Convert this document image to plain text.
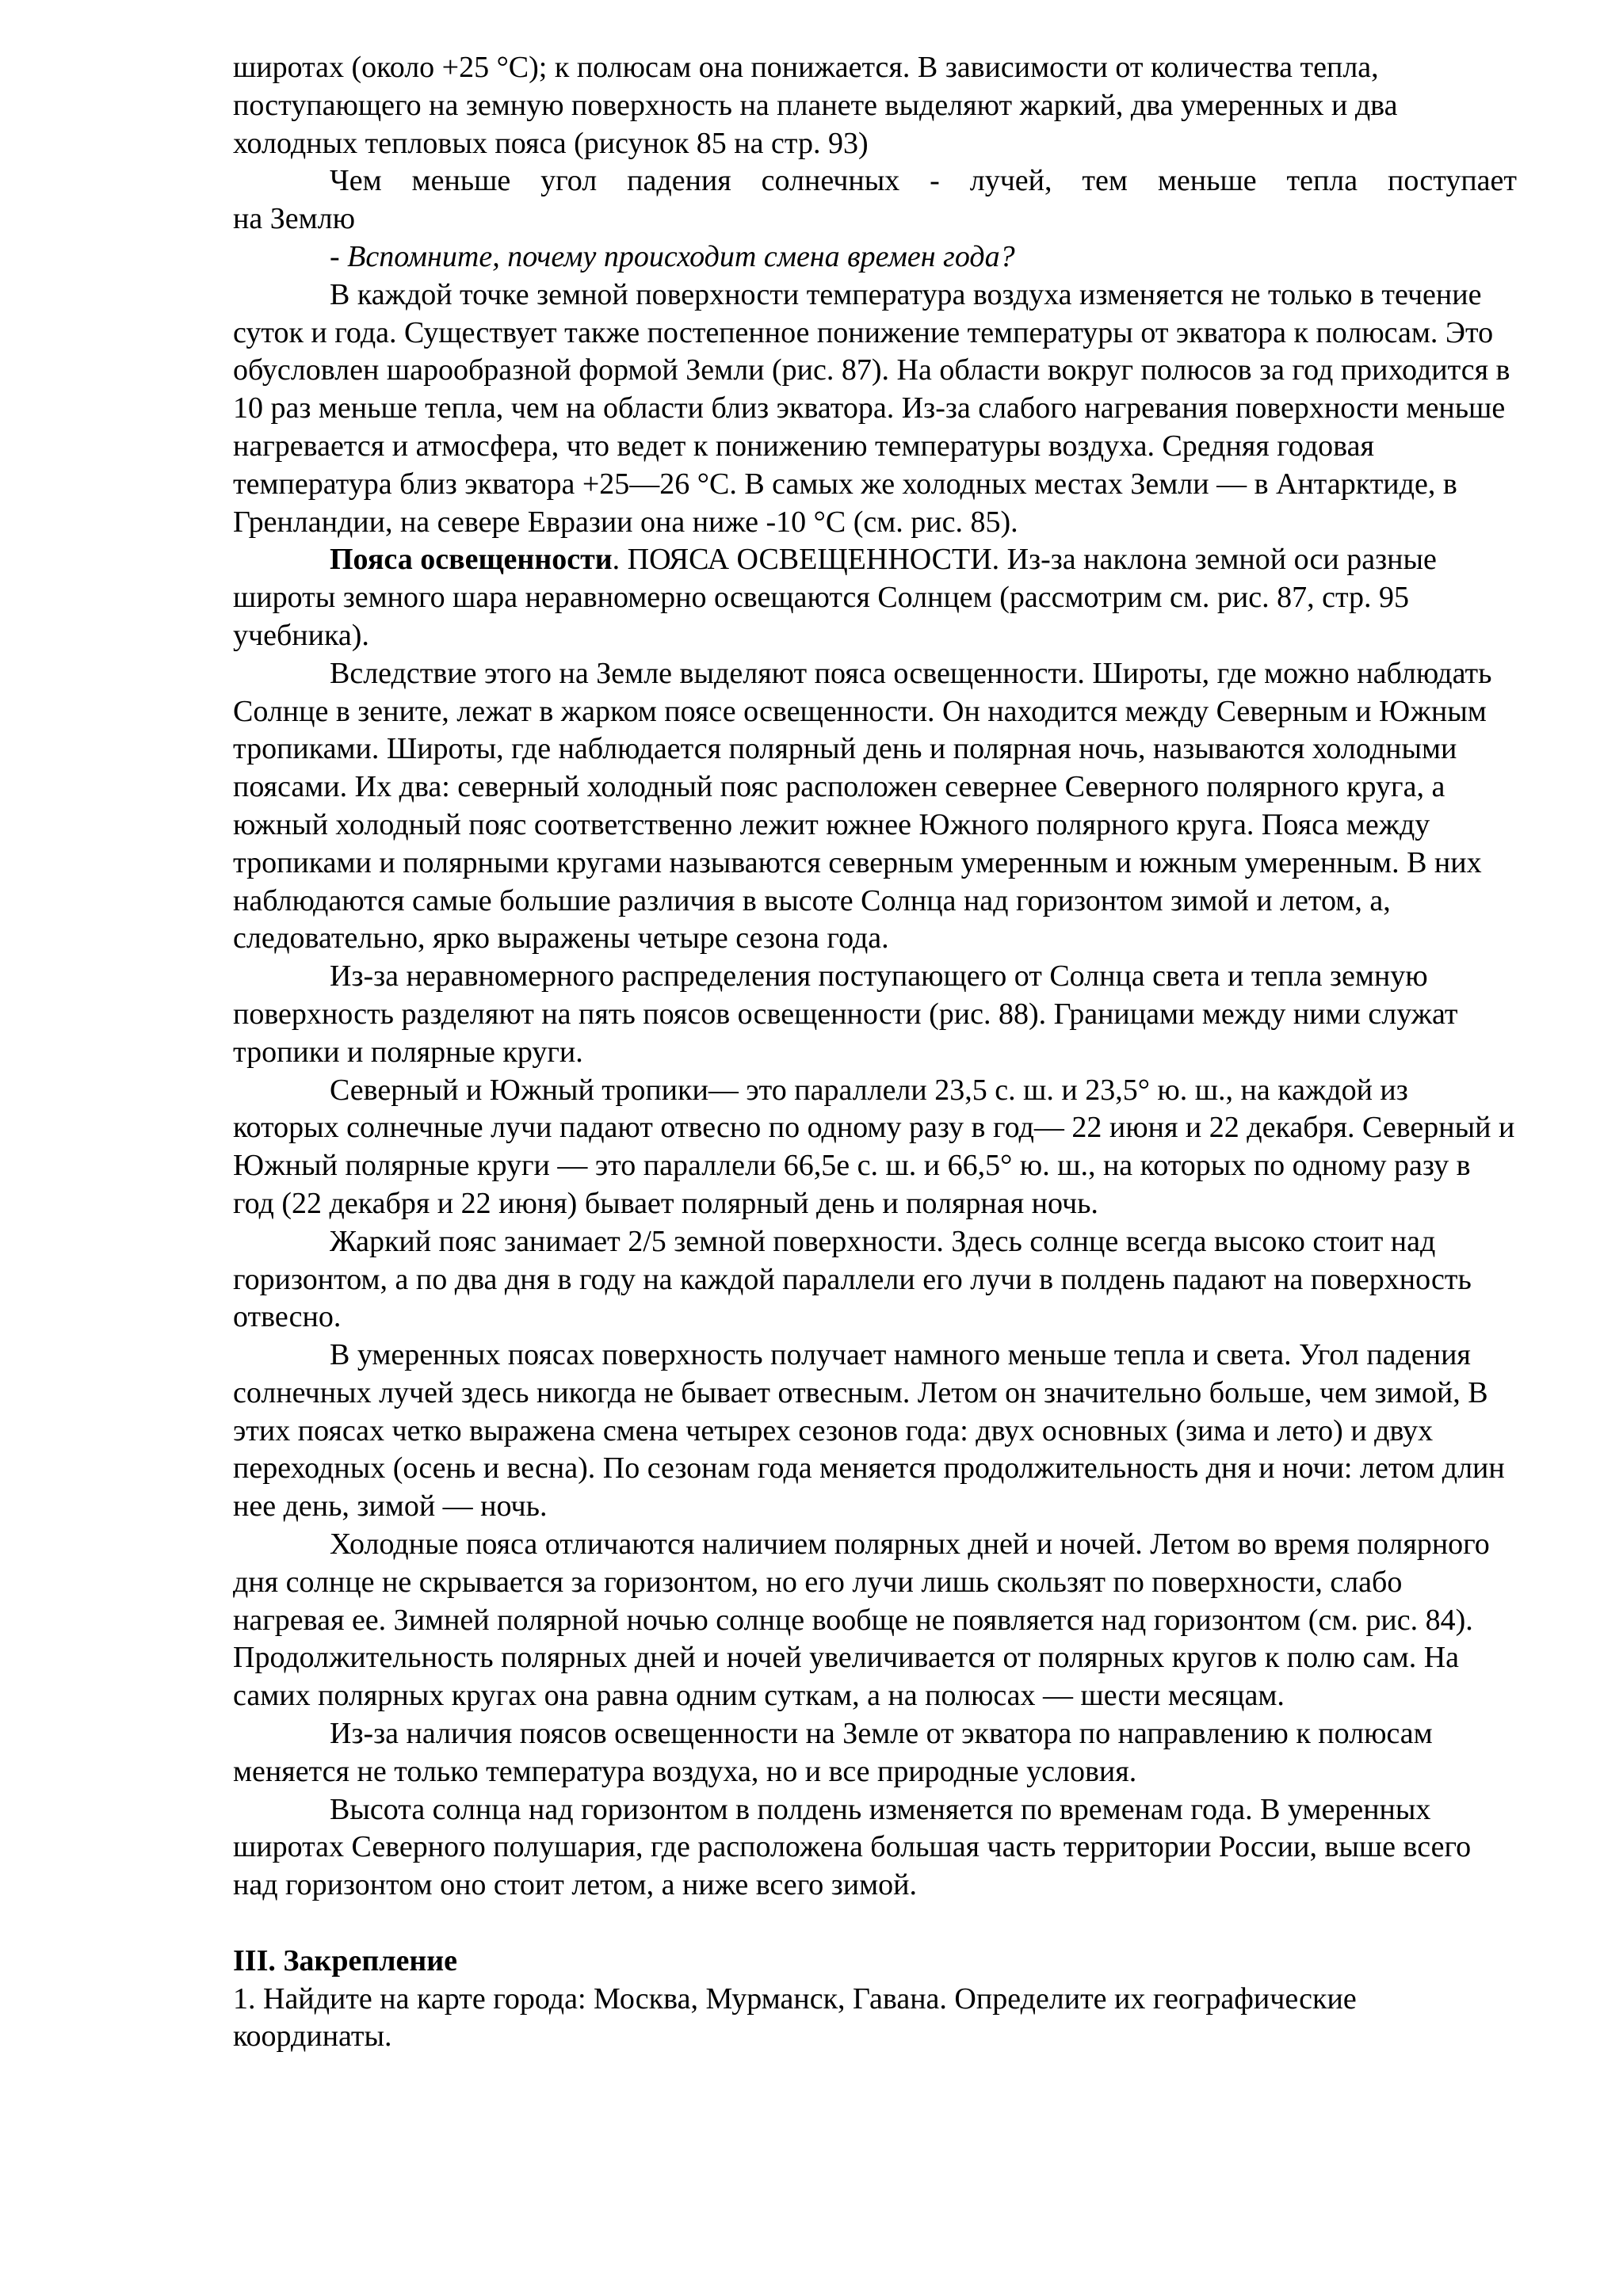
широтах (около +25 °С); к полюсам она понижается. В зависимости от количества тепла, поступающего на земную поверхность на планете выделяют жаркий, два умеренных и два холодных тепловых пояса (рисунок 85 на стр. 93)

Чем меньше угол падения солнечных - лучей, тем меньше тепла поступает

на Землю

- Вспомните, почему происходит смена времен года?

В каждой точке земной поверхности температура воздуха изменяется не только в течение суток и года. Существует также постепенное понижение температуры от экватора к полюсам. Это обусловлен шарообразной формой Земли (рис. 87). На области вокруг полюсов за год приходится в 10 раз меньше тепла, чем на области близ экватора. Из-за слабого нагревания поверхности меньше нагревается и атмосфера, что ведет к понижению температуры воздуха. Средняя годовая температура близ экватора +25—26 °С. В самых же холодных местах Земли — в Антарктиде, в Гренландии, на севере Евразии она ниже -10 °С (см. рис. 85).

Пояса освещенности. ПОЯСА ОСВЕЩЕННОСТИ. Из-за наклона земной оси разные широты земного шара неравномерно освещаются Солнцем (рассмотрим см. рис. 87, стр. 95 учебника).

Вследствие этого на Земле выделяют пояса освещенности. Широты, где можно наблюдать Солнце в зените, лежат в жарком поясе освещенности. Он находится между Северным и Южным тропиками. Широты, где наблюдается полярный день и полярная ночь, называются холодными поясами. Их два: северный холодный пояс расположен севернее Северного полярного круга, а южный холодный пояс соответственно лежит южнее Южного полярного круга. Пояса между тропиками и полярными кругами называются северным умеренным и южным умеренным. В них наблюдаются самые большие различия в высоте Солнца над горизонтом зимой и летом, а, следовательно, ярко выражены четыре сезона года.

Из-за неравномерного распределения поступающего от Солнца света и тепла земную поверхность разделяют на пять поясов освещенности (рис. 88). Границами между ними служат тропики и полярные круги.

Северный и Южный тропики— это параллели 23,5 с. ш. и 23,5° ю. ш., на каждой из которых солнечные лучи падают отвесно по одному разу в год— 22 июня и 22 декабря. Северный и Южный полярные круги — это параллели 66,5е с. ш. и 66,5° ю. ш., на которых по одному разу в год (22 декабря и 22 июня) бывает полярный день и полярная ночь.

Жаркий пояс занимает 2/5 земной поверхности. Здесь солнце всегда высоко стоит над горизонтом, а по два дня в году на каждой параллели его лучи в полдень падают на поверхность отвесно.

В умеренных поясах поверхность получает намного меньше тепла и света. Угол падения солнечных лучей здесь никогда не бывает отвесным. Летом он значительно больше, чем зимой, В этих поясах четко выражена смена четырех сезонов года: двух основных (зима и лето) и двух переходных (осень и весна). По сезонам года меняется продолжительность дня и ночи: летом длин нее день, зимой — ночь.

Холодные пояса отличаются наличием полярных дней и ночей. Летом во время полярного дня солнце не скрывается за горизонтом, но его лучи лишь скользят по поверхности, слабо нагревая ее. Зимней полярной ночью солнце вообще не появляется над горизонтом (см. рис. 84). Продолжительность полярных дней и ночей увеличивается от полярных кругов к полю сам. На самих полярных кругах она равна одним суткам, а на полюсах — шести месяцам.

Из-за наличия поясов освещенности на Земле от экватора по направлению к полюсам меняется не только температура воздуха, но и все природные условия.

Высота солнца над горизонтом в полдень изменяется по временам года. В умеренных широтах Северного полушария, где расположена большая часть территории России, выше всего над горизонтом оно стоит летом, а ниже всего зимой.

III. Закрепление

1. Найдите на карте города: Москва, Мурманск, Гавана. Определите их географические координаты.
